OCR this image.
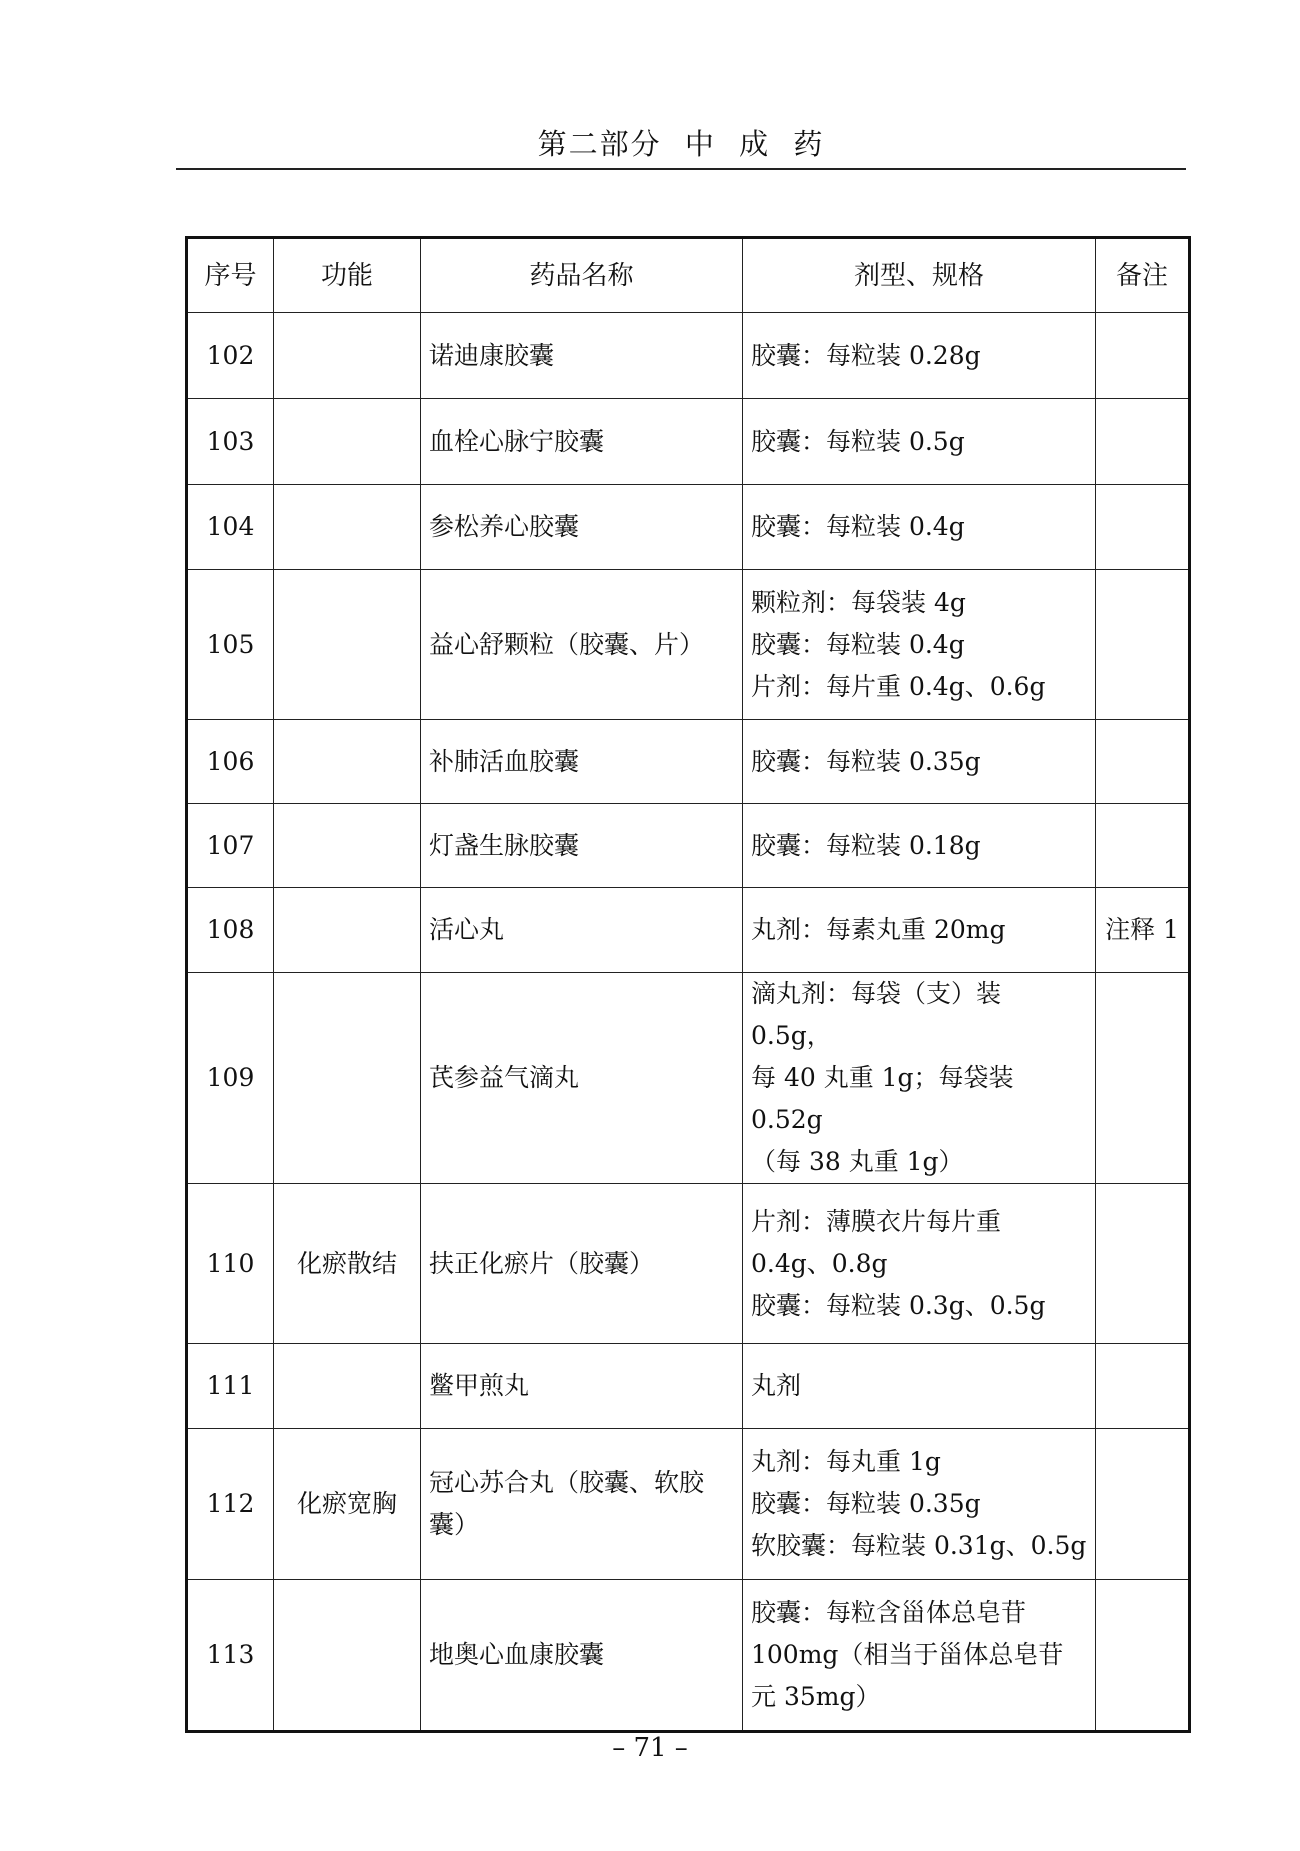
第二部分 中 成 药
序号	功能	药品名称	剂型、规格	备注
102		诺迪康胶囊	胶囊：每粒装 0.28g	

103		血栓心脉宁胶囊	胶囊：每粒装 0.5g	

104		参松养心胶囊	胶囊：每粒装 0.4g	

105		益心舒颗粒（胶囊、片）	颗粒剂：每袋装 4g
胶囊：每粒装 0.4g
片剂：每片重 0.4g、0.6g	

106		补肺活血胶囊	胶囊：每粒装 0.35g	

107		灯盏生脉胶囊	胶囊：每粒装 0.18g	

108		活心丸	丸剂：每素丸重 20mg	注释 1
109		芪参益气滴丸	滴丸剂：每袋（支）装 0.5g，
每 40 丸重 1g；每袋装 0.52g
（每 38 丸重 1g）	

110	化瘀散结	扶正化瘀片（胶囊）	片剂：薄膜衣片每片重
0.4g、0.8g
胶囊：每粒装 0.3g、0.5g	

111		鳖甲煎丸	丸剂	

112	化瘀宽胸	冠心苏合丸（胶囊、软胶囊）	丸剂：每丸重 1g
胶囊：每粒装 0.35g
软胶囊：每粒装 0.31g、0.5g	

113		地奥心血康胶囊	胶囊：每粒含甾体总皂苷
100mg（相当于甾体总皂苷
元 35mg）	

– 71 –
